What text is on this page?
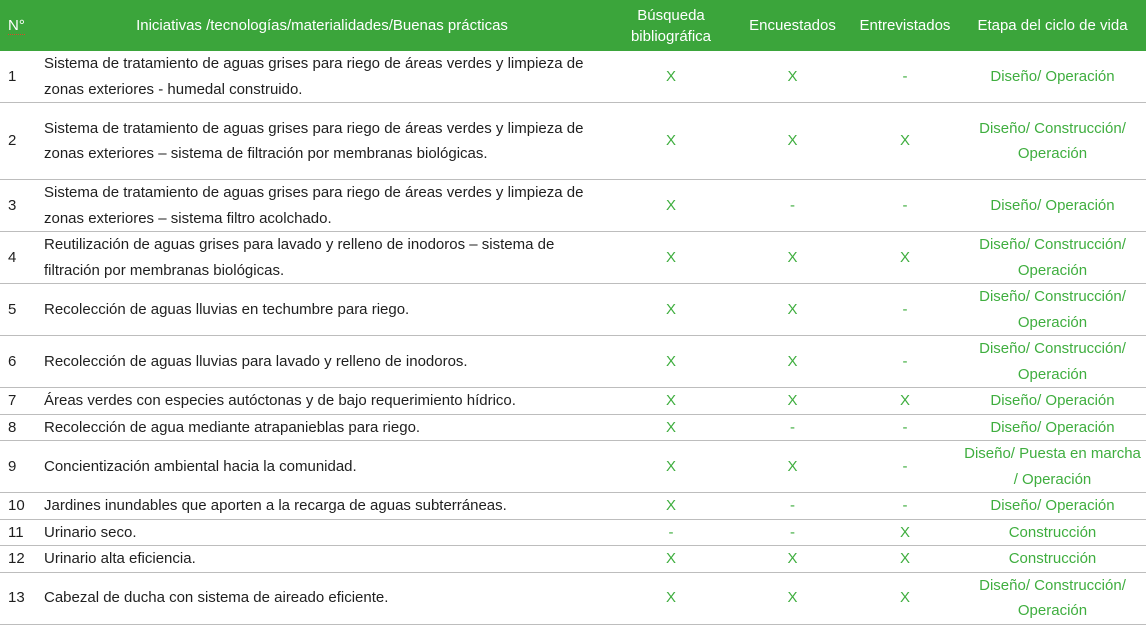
N°	Iniciativas /tecnologías/materialidades/Buenas prácticas	Búsqueda bibliográfica	Encuestados	Entrevistados	Etapa del ciclo de vida
1	Sistema de tratamiento de aguas grises para riego de áreas verdes y limpieza de zonas exteriores - humedal construido.	X	X	-	Diseño/ Operación
2	Sistema de tratamiento de aguas grises para riego de áreas verdes y limpieza de zonas exteriores – sistema de filtración por membranas biológicas.	X	X	X	Diseño/ Construcción/ Operación
3	Sistema de tratamiento de aguas grises para riego de áreas verdes y limpieza de zonas exteriores – sistema filtro acolchado.	X	-	-	Diseño/ Operación
4	Reutilización de aguas grises para lavado y relleno de inodoros – sistema de filtración por membranas biológicas.	X	X	X	Diseño/ Construcción/ Operación
5	Recolección de aguas lluvias en techumbre para riego.	X	X	-	Diseño/ Construcción/ Operación
6	Recolección de aguas lluvias para lavado y relleno de inodoros.	X	X	-	Diseño/ Construcción/ Operación
7	Áreas verdes con especies autóctonas y de bajo requerimiento hídrico.	X	X	X	Diseño/ Operación
8	Recolección de agua mediante atrapanieblas para riego.	X	-	-	Diseño/ Operación
9	Concientización ambiental hacia la comunidad.	X	X	-	Diseño/ Puesta en marcha / Operación
10	Jardines inundables que aporten a la recarga de aguas subterráneas.	X	-	-	Diseño/ Operación
11	Urinario seco.	-	-	X	Construcción
12	Urinario alta eficiencia.	X	X	X	Construcción
13	Cabezal de ducha con sistema de aireado eficiente.	X	X	X	Diseño/ Construcción/ Operación
